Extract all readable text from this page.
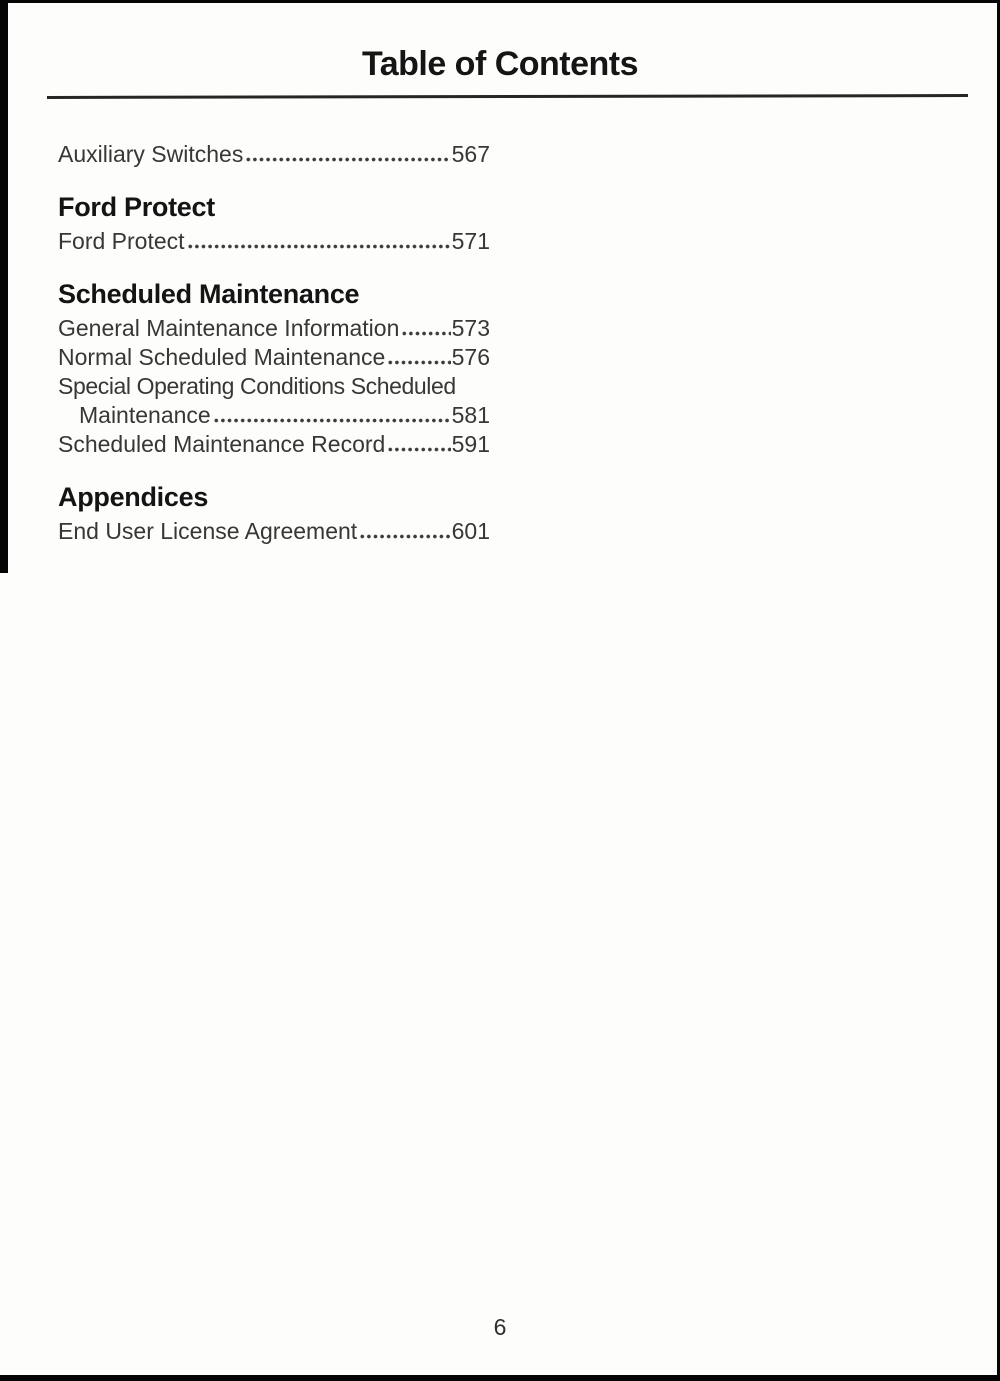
Table of Contents
Auxiliary Switches	567
Ford Protect
Ford Protect	571
Scheduled Maintenance
General Maintenance Information 573
Normal Scheduled Maintenance	576
Special Operating Conditions Scheduled
Maintenance	581
Scheduled Maintenance Record	591
Appendices
End User License Agreement	601
6
